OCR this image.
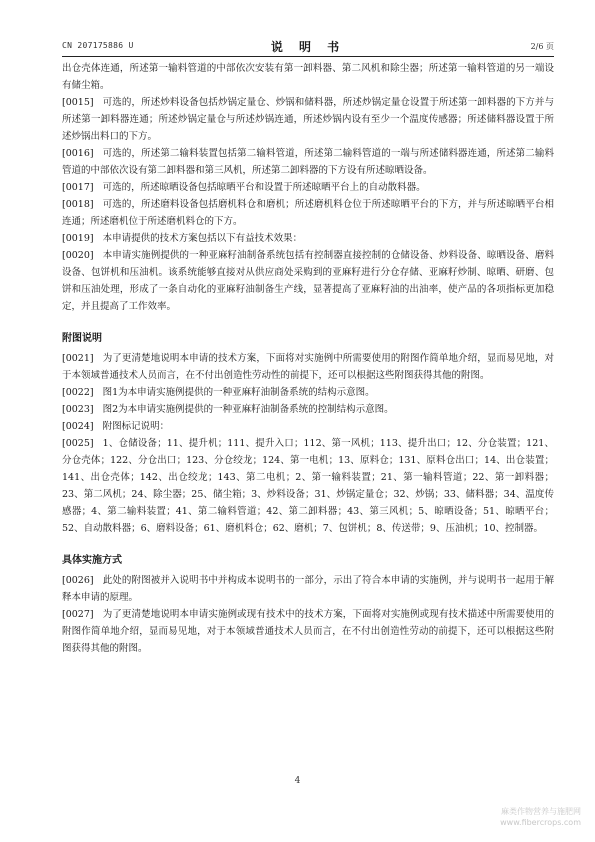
CN 207175886 U	说 明 书	2/6 页

出仓壳体连通，所述第一输料管道的中部依次安装有第一卸料器、第二风机和除尘器；所述第一输料管道的另一端设有储尘箱。

[0015] 可选的，所述炒料设备包括炒锅定量仓、炒锅和储料器，所述炒锅定量仓设置于所述第一卸料器的下方并与所述第一卸料器连通；所述炒锅定量仓与所述炒锅连通，所述炒锅内设有至少一个温度传感器；所述储料器设置于所述炒锅出料口的下方。

[0016] 可选的，所述第二输料装置包括第二输料管道，所述第二输料管道的一端与所述储料器连通，所述第二输料管道的中部依次设有第二卸料器和第三风机，所述第二卸料器的下方设有所述晾晒设备。

[0017] 可选的，所述晾晒设备包括晾晒平台和设置于所述晾晒平台上的自动散料器。

[0018] 可选的，所述磨料设备包括磨机料仓和磨机；所述磨机料仓位于所述晾晒平台的下方，并与所述晾晒平台相连通；所述磨机位于所述磨机料仓的下方。

[0019] 本申请提供的技术方案包括以下有益技术效果：

[0020] 本申请实施例提供的一种亚麻籽油制备系统包括有控制器直接控制的仓储设备、炒料设备、晾晒设备、磨料设备、包饼机和压油机。该系统能够直接对从供应商处采购到的亚麻籽进行分仓存储、亚麻籽炒制、晾晒、研磨、包饼和压油处理，形成了一条自动化的亚麻籽油制备生产线，显著提高了亚麻籽油的出油率，使产品的各项指标更加稳定，并且提高了工作效率。

附图说明

[0021] 为了更清楚地说明本申请的技术方案，下面将对实施例中所需要使用的附图作简单地介绍，显而易见地，对于本领域普通技术人员而言，在不付出创造性劳动性的前提下，还可以根据这些附图获得其他的附图。

[0022] 图1为本申请实施例提供的一种亚麻籽油制备系统的结构示意图。

[0023] 图2为本申请实施例提供的一种亚麻籽油制备系统的控制结构示意图。

[0024] 附图标记说明：

[0025] 1、仓储设备；11、提升机；111、提升入口；112、第一风机；113、提升出口；12、分仓装置；121、分仓壳体；122、分仓出口；123、分仓绞龙；124、第一电机；13、原料仓；131、原料仓出口；14、出仓装置；141、出仓壳体；142、出仓绞龙；143、第二电机；2、第一输料装置；21、第一输料管道；22、第一卸料器；23、第二风机；24、除尘器；25、储尘箱；3、炒料设备；31、炒锅定量仓；32、炒锅；33、储料器；34、温度传感器；4、第二输料装置；41、第二输料管道；42、第二卸料器；43、第三风机；5、晾晒设备；51、晾晒平台；52、自动散料器；6、磨料设备；61、磨机料仓；62、磨机；7、包饼机；8、传送带；9、压油机；10、控制器。

具体实施方式

[0026] 此处的附图被并入说明书中并构成本说明书的一部分，示出了符合本申请的实施例，并与说明书一起用于解释本申请的原理。

[0027] 为了更清楚地说明本申请实施例或现有技术中的技术方案，下面将对实施例或现有技术描述中所需要使用的附图作简单地介绍，显而易见地，对于本领域普通技术人员而言，在不付出创造性劳动的前提下，还可以根据这些附图获得其他的附图。

4
麻类作物营养与施肥网
www.fibercrops.com
